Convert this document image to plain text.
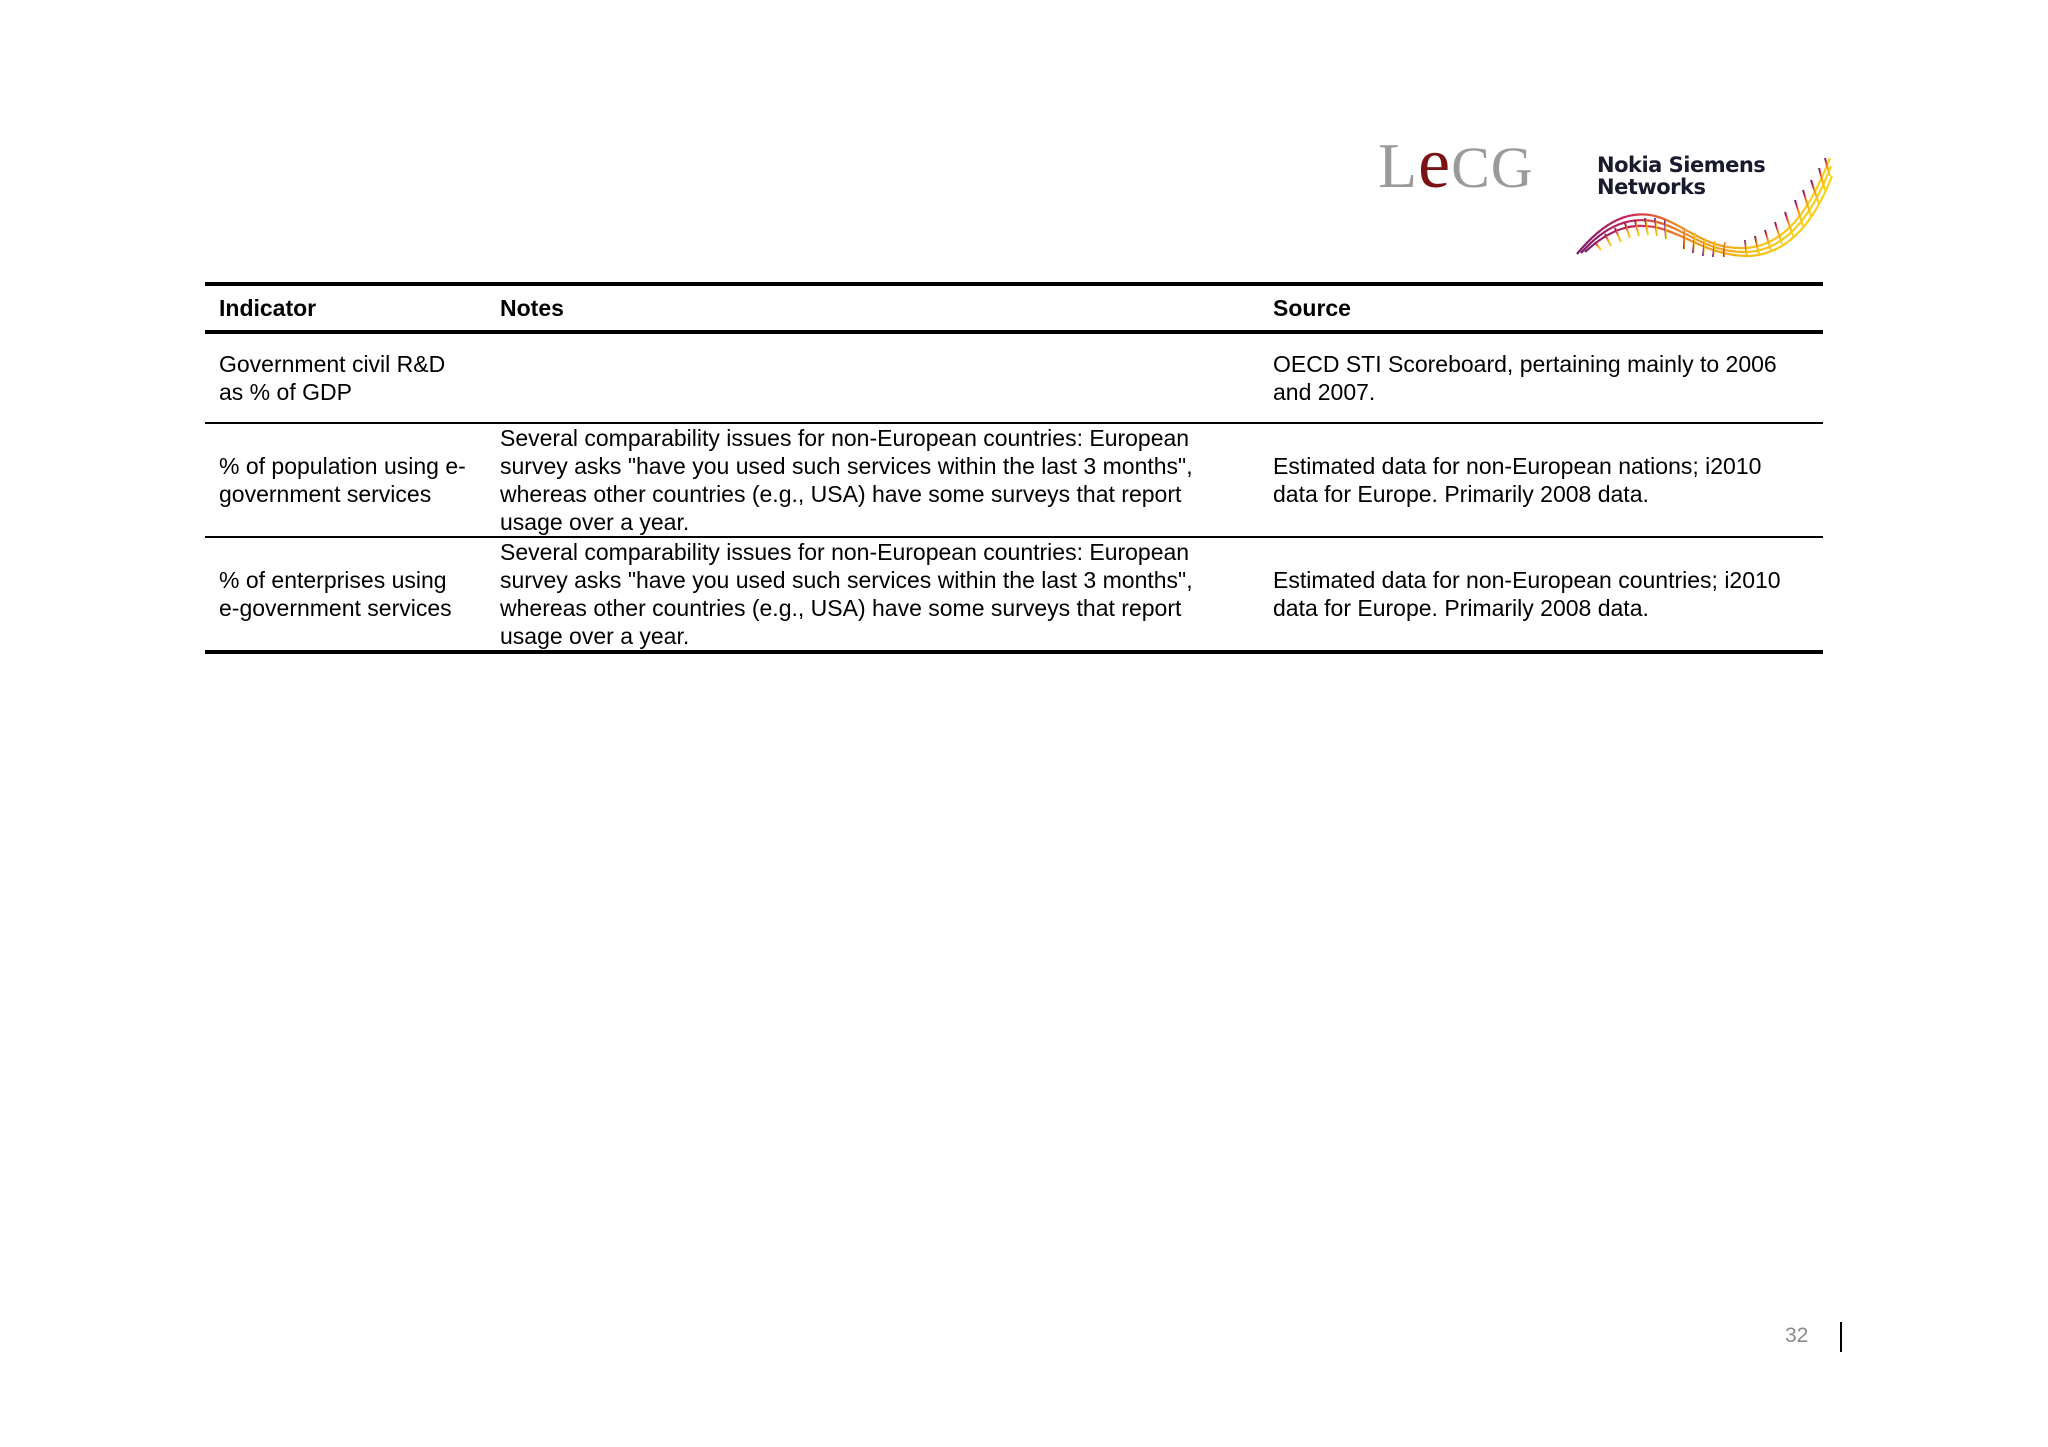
LeCG	Nokia Siemens
Networks
Indicator	Notes	Source
Government civil R&D as % of GDP		OECD STI Scoreboard, pertaining mainly to 2006 and 2007.
% of population using e-government services	Several comparability issues for non-European countries: European survey asks "have you used such services within the last 3 months", whereas other countries (e.g., USA) have some surveys that report usage over a year.	Estimated data for non-European nations; i2010 data for Europe. Primarily 2008 data.
% of enterprises using e-government services	Several comparability issues for non-European countries: European survey asks "have you used such services within the last 3 months", whereas other countries (e.g., USA) have some surveys that report usage over a year.	Estimated data for non-European countries; i2010 data for Europe. Primarily 2008 data.
32
